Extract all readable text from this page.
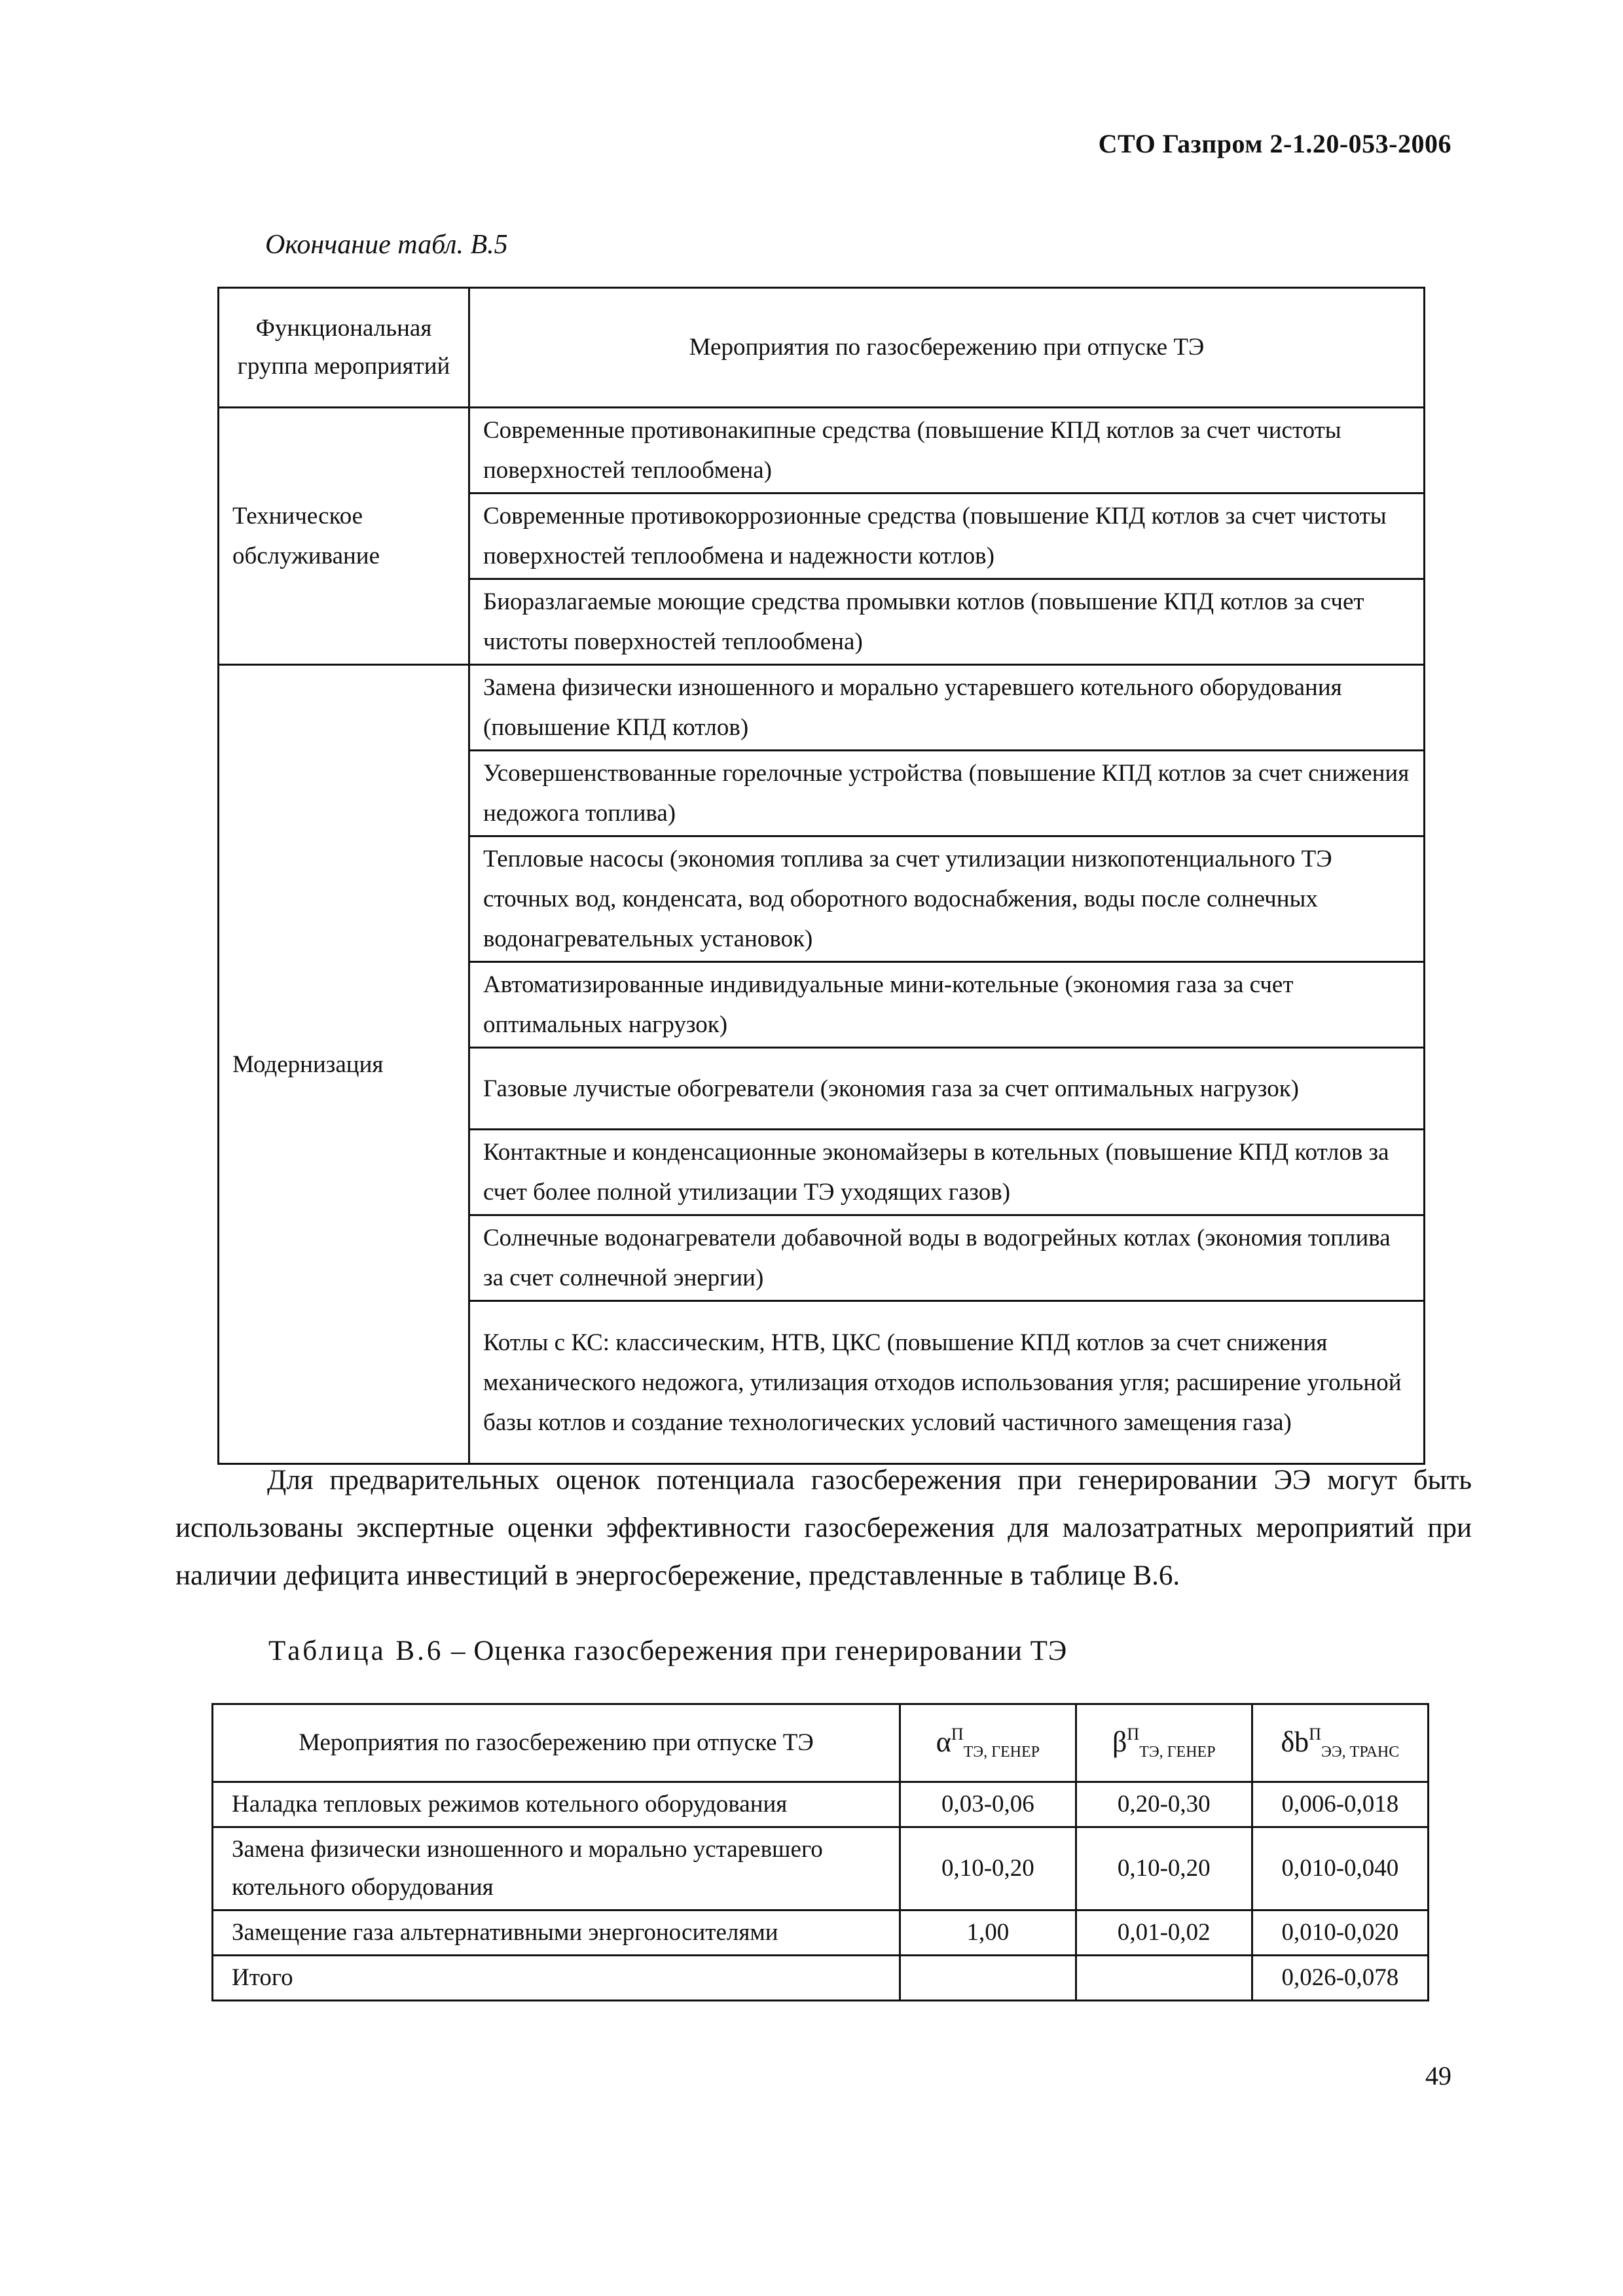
СТО Газпром 2-1.20-053-2006
Окончание табл. В.5
Функциональная группа мероприятий	Мероприятия по газосбережению при отпуске ТЭ
Техническое обслуживание	Современные противонакипные средства (повышение КПД котлов за счет чистоты поверхностей теплообмена)
	Современные противокоррозионные средства (повышение КПД котлов за счет чистоты поверхностей теплообмена и надежности котлов)
	Биоразлагаемые моющие средства промывки котлов (повышение КПД котлов за счет чистоты поверхностей теплообмена)
Модернизация	Замена физически изношенного и морально устаревшего котельного оборудования (повышение КПД котлов)
	Усовершенствованные горелочные устройства (повышение КПД котлов за счет снижения недожога топлива)
	Тепловые насосы (экономия топлива за счет утилизации низкопотенциального ТЭ сточных вод, конденсата, вод оборотного водоснабжения, воды после солнечных водонагревательных установок)
	Автоматизированные индивидуальные мини-котельные (экономия газа за счет оптимальных нагрузок)
	Газовые лучистые обогреватели (экономия газа за счет оптимальных нагрузок)
	Контактные и конденсационные экономайзеры в котельных (повышение КПД котлов за счет более полной утилизации ТЭ уходящих газов)
	Солнечные водонагреватели добавочной воды в водогрейных котлах (экономия топлива за счет солнечной энергии)
	Котлы с КС: классическим, НТВ, ЦКС (повышение КПД котлов за счет снижения механического недожога, утилизация отходов использования угля; расширение угольной базы котлов и создание технологических условий частичного замещения газа)
Для предварительных оценок потенциала газосбережения при генерировании ЭЭ могут быть использованы экспертные оценки эффективности газосбережения для малозатратных мероприятий при наличии дефицита инвестиций в энергосбережение, представленные в таблице В.6.
Таблица В.6 – Оценка газосбережения при генерировании ТЭ
Мероприятия по газосбережению при отпуске ТЭ	$\alpha^П_{ТЭ, ГЕНЕР}$	$\beta^П_{ТЭ, ГЕНЕР}$	$\delta b^П_{ЭЭ, ТРАНС}$
Наладка тепловых режимов котельного оборудования	0,03-0,06	0,20-0,30	0,006-0,018
Замена физически изношенного и морально устаревшего котельного оборудования	0,10-0,20	0,10-0,20	0,010-0,040
Замещение газа альтернативными энергоносителями	1,00	0,01-0,02	0,010-0,020
Итого			0,026-0,078
49
